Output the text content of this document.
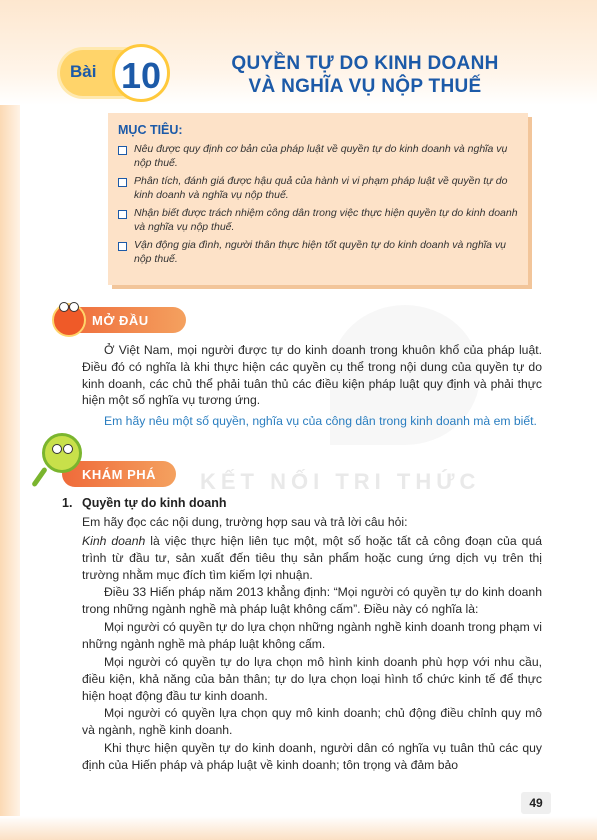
Bài 10	QUYỀN TỰ DO KINH DOANH
VÀ NGHĨA VỤ NỘP THUẾ
MỤC TIÊU:
Nêu được quy định cơ bản của pháp luật về quyền tự do kinh doanh và nghĩa vụ nộp thuế.
Phân tích, đánh giá được hậu quả của hành vi vi phạm pháp luật về quyền tự do kinh doanh và nghĩa vụ nộp thuế.
Nhận biết được trách nhiệm công dân trong việc thực hiện quyền tự do kinh doanh và nghĩa vụ nộp thuế.
Vận động gia đình, người thân thực hiện tốt quyền tự do kinh doanh và nghĩa vụ nộp thuế.
MỞ ĐẦU
Ở Việt Nam, mọi người được tự do kinh doanh trong khuôn khổ của pháp luật. Điều đó có nghĩa là khi thực hiện các quyền cụ thể trong nội dung của quyền tự do kinh doanh, các chủ thể phải tuân thủ các điều kiện pháp luật quy định và phải thực hiện một số nghĩa vụ tương ứng.
Em hãy nêu một số quyền, nghĩa vụ của công dân trong kinh doanh mà em biết.
KHÁM PHÁ KẾT NỐI TRI THỨC
1. Quyền tự do kinh doanh
Em hãy đọc các nội dung, trường hợp sau và trả lời câu hỏi:
Kinh doanh là việc thực hiện liên tục một, một số hoặc tất cả công đoạn của quá trình từ đầu tư, sản xuất đến tiêu thụ sản phẩm hoặc cung ứng dịch vụ trên thị trường nhằm mục đích tìm kiếm lợi nhuận.
Điều 33 Hiến pháp năm 2013 khẳng định: “Mọi người có quyền tự do kinh doanh trong những ngành nghề mà pháp luật không cấm”. Điều này có nghĩa là:
Mọi người có quyền tự do lựa chọn những ngành nghề kinh doanh trong phạm vi những ngành nghề mà pháp luật không cấm.
Mọi người có quyền tự do lựa chọn mô hình kinh doanh phù hợp với nhu cầu, điều kiện, khả năng của bản thân; tự do lựa chọn loại hình tổ chức kinh tế để thực hiện hoạt động đầu tư kinh doanh.
Mọi người có quyền lựa chọn quy mô kinh doanh; chủ động điều chỉnh quy mô và ngành, nghề kinh doanh.
Khi thực hiện quyền tự do kinh doanh, người dân có nghĩa vụ tuân thủ các quy định của Hiến pháp và pháp luật về kinh doanh; tôn trọng và đảm bảo
49
